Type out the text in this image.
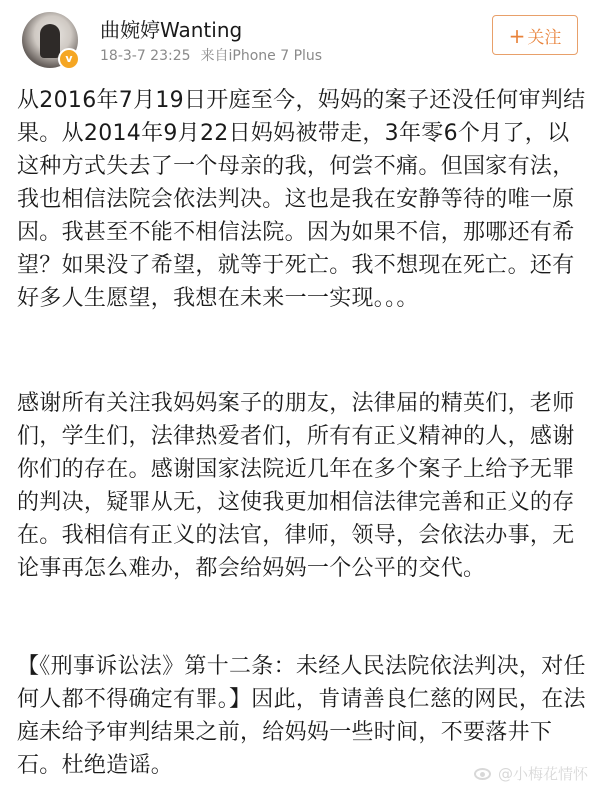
v
曲婉婷Wanting
18-3-7 23:25 来自iPhone 7 Plus
+ 关注

从2016年7月19日开庭至今，妈妈的案子还没任何审判结果。从2014年9月22日妈妈被带走，3年零6个月了，以这种方式失去了一个母亲的我，何尝不痛。但国家有法，我也相信法院会依法判决。这也是我在安静等待的唯一原因。我甚至不能不相信法院。因为如果不信，那哪还有希望？如果没了希望，就等于死亡。我不想现在死亡。还有好多人生愿望，我想在未来一一实现。。。

感谢所有关注我妈妈案子的朋友，法律届的精英们，老师们，学生们，法律热爱者们，所有有正义精神的人，感谢你们的存在。感谢国家法院近几年在多个案子上给予无罪的判决，疑罪从无，这使我更加相信法律完善和正义的存在。我相信有正义的法官，律师，领导，会依法办事，无论事再怎么难办，都会给妈妈一个公平的交代。

【《刑事诉讼法》第十二条：未经人民法院依法判决，对任何人都不得确定有罪。】因此，肯请善良仁慈的网民，在法庭未给予审判结果之前，给妈妈一些时间，不要落井下石。杜绝造谣。	@小梅花情怀
